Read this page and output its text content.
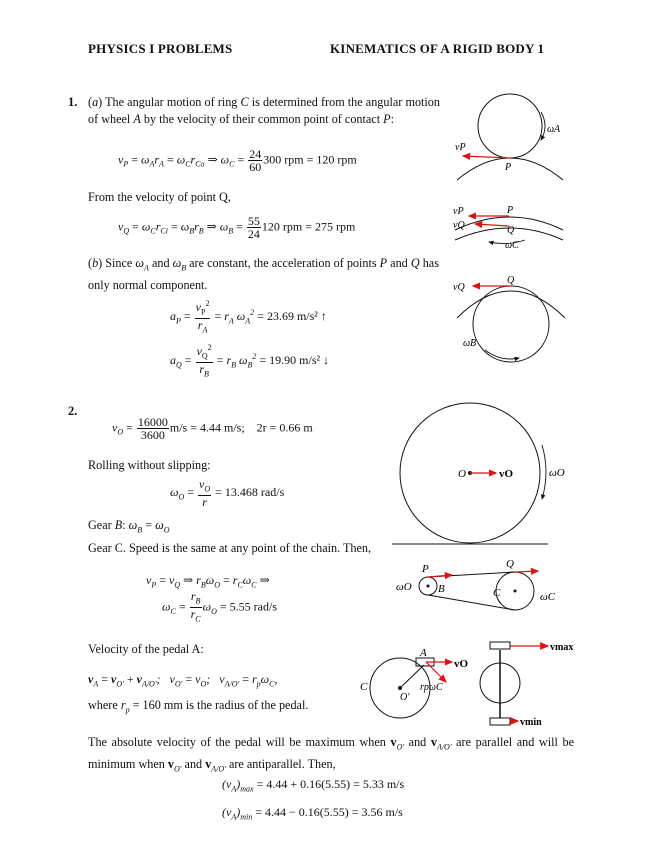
PHYSICS I PROBLEMS	KINEMATICS OF A RIGID BODY 1
1. (a) The angular motion of ring C is determined from the angular motion of wheel A by the velocity of their common point of contact P:
$v_P = \omega_Ar_A = \omega_Cr_{Co}$ ⇒ $\omega_C = \frac{24}{60} 300$ rpm = 120 rpm
From the velocity of point Q,
$v_Q = \omega_Cr_{Ci} = \omega_Br_B$ ⇒ $\omega_B = \frac{55}{24} 120$ rpm = 275 rpm
(b) Since $\omega_A$ and $\omega_B$ are constant, the acceleration of points P and Q has only normal component.
$a_P = \frac{v_P^2}{r_A} = r_A$ $\omega_A^2 = 23.69$ m/s² ↑
$a_Q = \frac{v_Q^2}{r_B} = r_B$ $\omega_B^2 = 19.90$ m/s² ↓
vP
ωA
P
vP
vQ
P
Q
ωC
vQ
Q
ωB
2.
$v_O = \frac{16000}{3600} m/s = 4.44$ m/s; 2r = 0.66 m
Rolling without slipping:
$\omega_O = \frac{v_O}{r} = 13.468$ rad/s
Gear B: $\omega_B = \omega_O$
Gear C. Speed is the same at any point of the chain. Then,
$v_P = v_Q$ ⇒ $r_B\omega_O = r_C\omega_C$ ⇒
$\omega_C = \frac{r_B}{r_C} \omega_O = 5.55$ rad/s
Velocity of the pedal A:
$v_A = v_{O'} + v_{A/O'}$;   $v_{O'} = v_O$;   $v_{A/O'} = r_p\omega_C$,
where $r_p = 160$ mm is the radius of the pedal.
The absolute velocity of the pedal will be maximum when $v_{O'}$ and $v_{A/O'}$ are parallel and will be minimum when $v_{O'}$ and $v_{A/O'}$ are antiparallel. Then,
$(v_A)_{max} = 4.44 + 0.16(5.55) = 5.33$ m/s
$(v_A)_{min} = 4.44 - 0.16(5.55) = 3.56$ m/s
O	vO	ωO
P	Q
B	C
ωO
ωC
A
vO
rpωC
C
O'
vmax
vmin
